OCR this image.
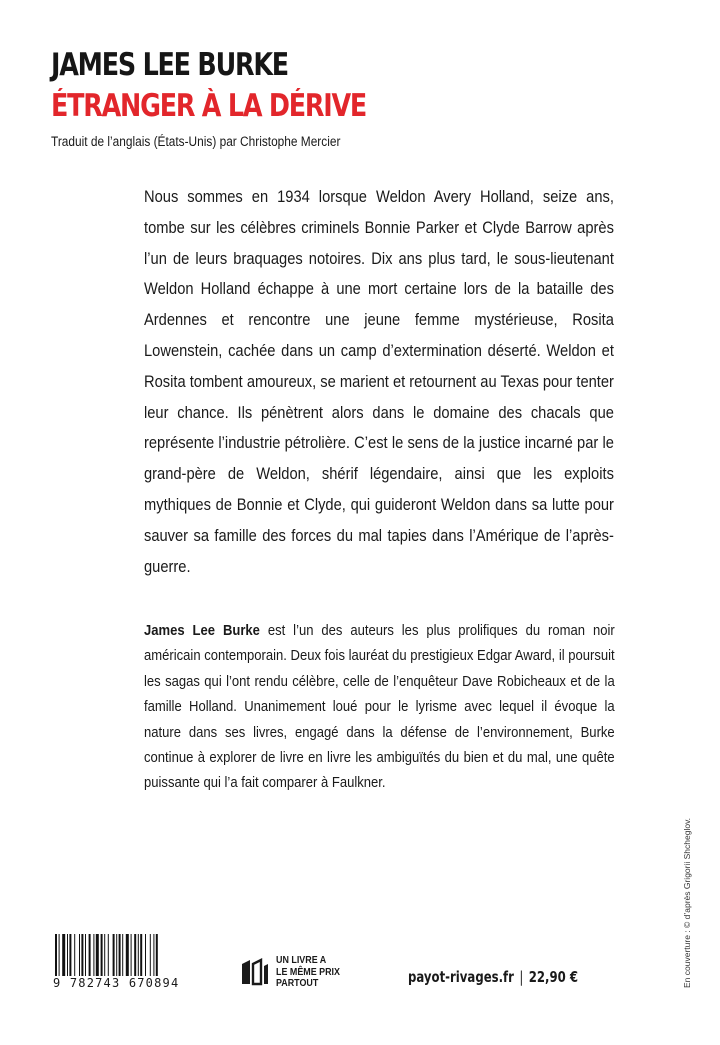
JAMES LEE BURKE
ÉTRANGER À LA DÉRIVE
Traduit de l’anglais (États-Unis) par Christophe Mercier

Nous sommes en 1934 lorsque Weldon Avery Holland, seize ans, tombe sur les célèbres criminels Bonnie Parker et Clyde Barrow après l’un de leurs braquages notoires. Dix ans plus tard, le sous-lieutenant Weldon Holland échappe à une mort certaine lors de la bataille des Ardennes et rencontre une jeune femme mystérieuse, Rosita Lowenstein, cachée dans un camp d’extermination déserté. Weldon et Rosita tombent amoureux, se marient et retournent au Texas pour tenter leur chance. Ils pénètrent alors dans le domaine des chacals que représente l’industrie pétrolière. C’est le sens de la justice incarné par le grand-père de Weldon, shérif légendaire, ainsi que les exploits mythiques de Bonnie et Clyde, qui guideront Weldon dans sa lutte pour sauver sa famille des forces du mal tapies dans l’Amérique de l’après-guerre.

James Lee Burke est l’un des auteurs les plus prolifiques du roman noir américain contemporain. Deux fois lauréat du prestigieux Edgar Award, il poursuit les sagas qui l’ont rendu célèbre, celle de l’enquêteur Dave Robicheaux et de la famille Holland. Unanimement loué pour le lyrisme avec lequel il évoque la nature dans ses livres, engagé dans la défense de l’environnement, Burke continue à explorer de livre en livre les ambiguïtés du bien et du mal, une quête puissante qui l’a fait comparer à Faulkner.

En couverture : © d’après Grigorii Shcheglov.
9 782743 670894
UN LIVRE A
LE MÊME PRIX
PARTOUT	payot-rivages.fr | 22,90 €
